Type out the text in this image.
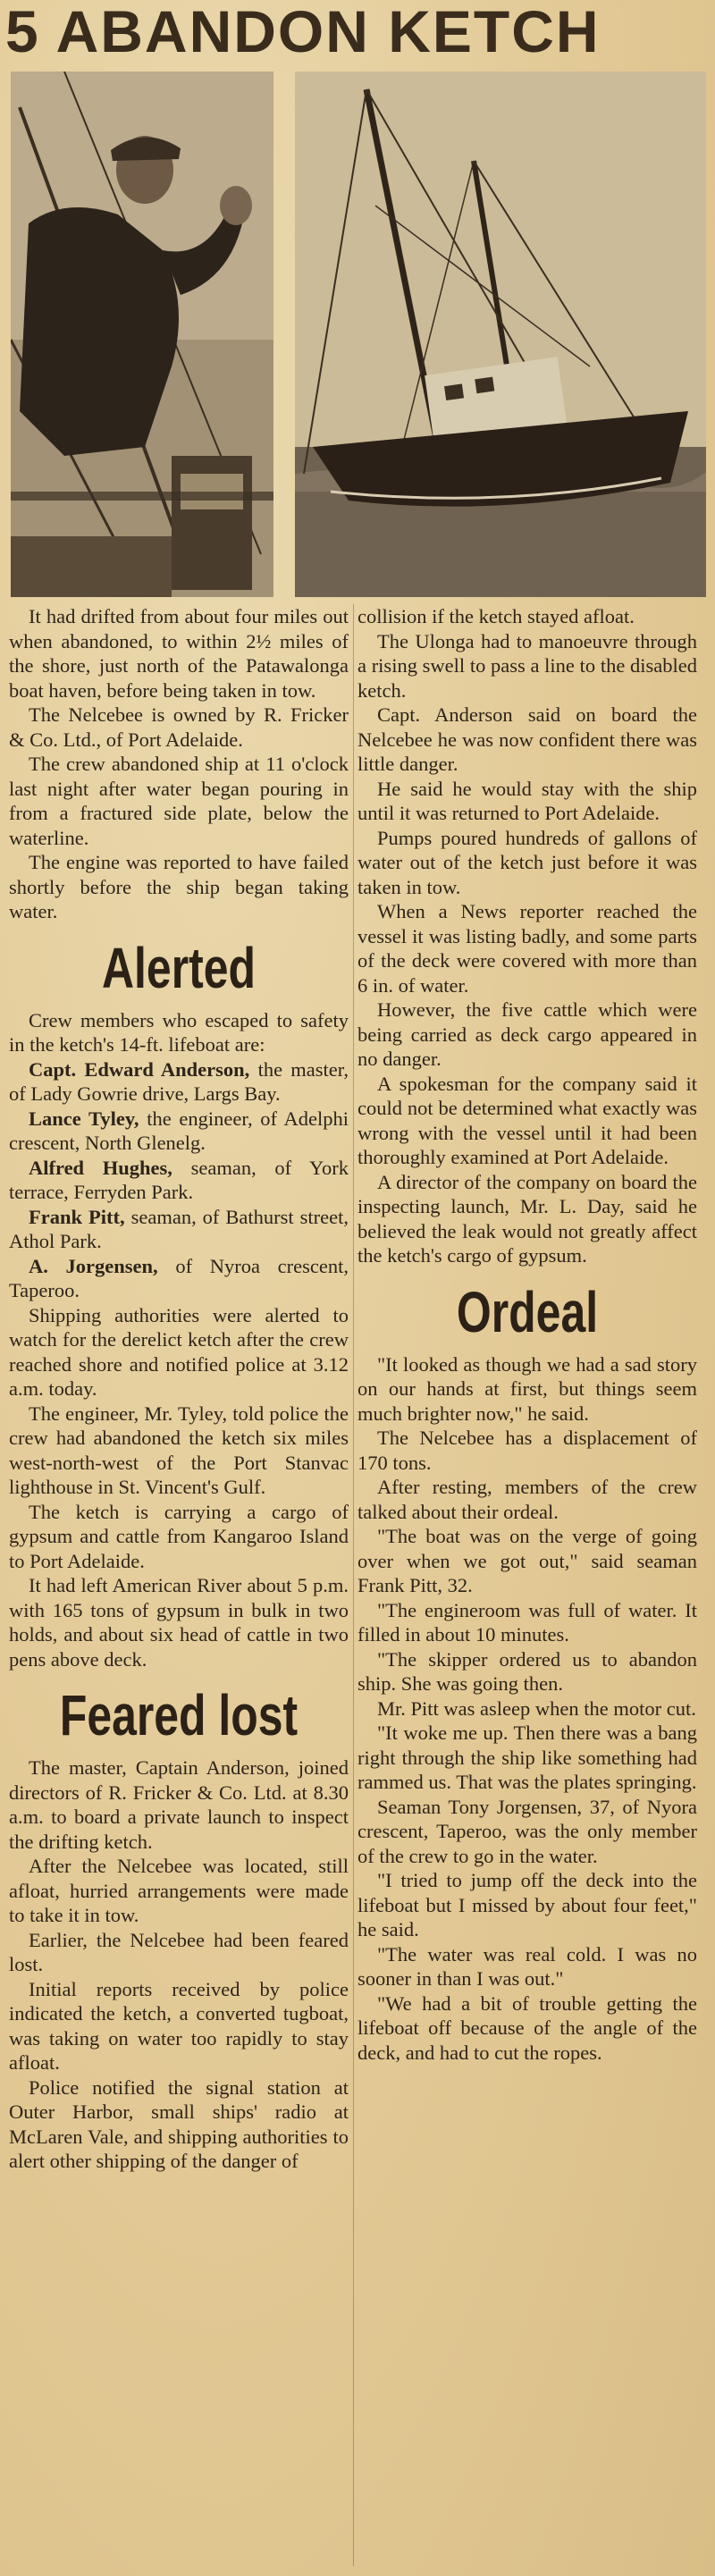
5 ABANDON KETCH

It had drifted from about four miles out when abandoned, to within 2½ miles of the shore, just north of the Patawalonga boat haven, before being taken in tow.

The Nelcebee is owned by R. Fricker & Co. Ltd., of Port Adelaide.

The crew abandoned ship at 11 o'clock last night after water began pouring in from a fractured side plate, below the waterline.

The engine was reported to have failed shortly before the ship began taking water.

Alerted

Crew members who escaped to safety in the ketch's 14-ft. lifeboat are:

Capt. Edward Anderson, the master, of Lady Gowrie drive, Largs Bay.

Lance Tyley, the engineer, of Adelphi crescent, North Glenelg.

Alfred Hughes, seaman, of York terrace, Ferryden Park.

Frank Pitt, seaman, of Bathurst street, Athol Park.

A. Jorgensen, of Nyroa crescent, Taperoo.

Shipping authorities were alerted to watch for the derelict ketch after the crew reached shore and notified police at 3.12 a.m. today.

The engineer, Mr. Tyley, told police the crew had abandoned the ketch six miles west-north-west of the Port Stanvac lighthouse in St. Vincent's Gulf.

The ketch is carrying a cargo of gypsum and cattle from Kangaroo Island to Port Adelaide.

It had left American River about 5 p.m. with 165 tons of gypsum in bulk in two holds, and about six head of cattle in two pens above deck.

Feared lost

The master, Captain Anderson, joined directors of R. Fricker & Co. Ltd. at 8.30 a.m. to board a private launch to inspect the drifting ketch.

After the Nelcebee was located, still afloat, hurried arrangements were made to take it in tow.

Earlier, the Nelcebee had been feared lost.

Initial reports received by police indicated the ketch, a converted tugboat, was taking on water too rapidly to stay afloat.

Police notified the signal station at Outer Harbor, small ships' radio at McLaren Vale, and shipping authorities to alert other shipping of the danger of

collision if the ketch stayed afloat.

The Ulonga had to manoeuvre through a rising swell to pass a line to the disabled ketch.

Capt. Anderson said on board the Nelcebee he was now confident there was little danger.

He said he would stay with the ship until it was returned to Port Adelaide.

Pumps poured hundreds of gallons of water out of the ketch just before it was taken in tow.

When a News reporter reached the vessel it was listing badly, and some parts of the deck were covered with more than 6 in. of water.

However, the five cattle which were being carried as deck cargo appeared in no danger.

A spokesman for the company said it could not be determined what exactly was wrong with the vessel until it had been thoroughly examined at Port Adelaide.

A director of the company on board the inspecting launch, Mr. L. Day, said he believed the leak would not greatly affect the ketch's cargo of gypsum.

Ordeal

"It looked as though we had a sad story on our hands at first, but things seem much brighter now," he said.

The Nelcebee has a displacement of 170 tons.

After resting, members of the crew talked about their ordeal.

"The boat was on the verge of going over when we got out," said seaman Frank Pitt, 32.

"The engineroom was full of water. It filled in about 10 minutes.

"The skipper ordered us to abandon ship. She was going then.

Mr. Pitt was asleep when the motor cut.

"It woke me up. Then there was a bang right through the ship like something had rammed us. That was the plates springing.

Seaman Tony Jorgensen, 37, of Nyora crescent, Taperoo, was the only member of the crew to go in the water.

"I tried to jump off the deck into the lifeboat but I missed by about four feet," he said.

"The water was real cold. I was no sooner in than I was out."

"We had a bit of trouble getting the lifeboat off because of the angle of the deck, and had to cut the ropes.
